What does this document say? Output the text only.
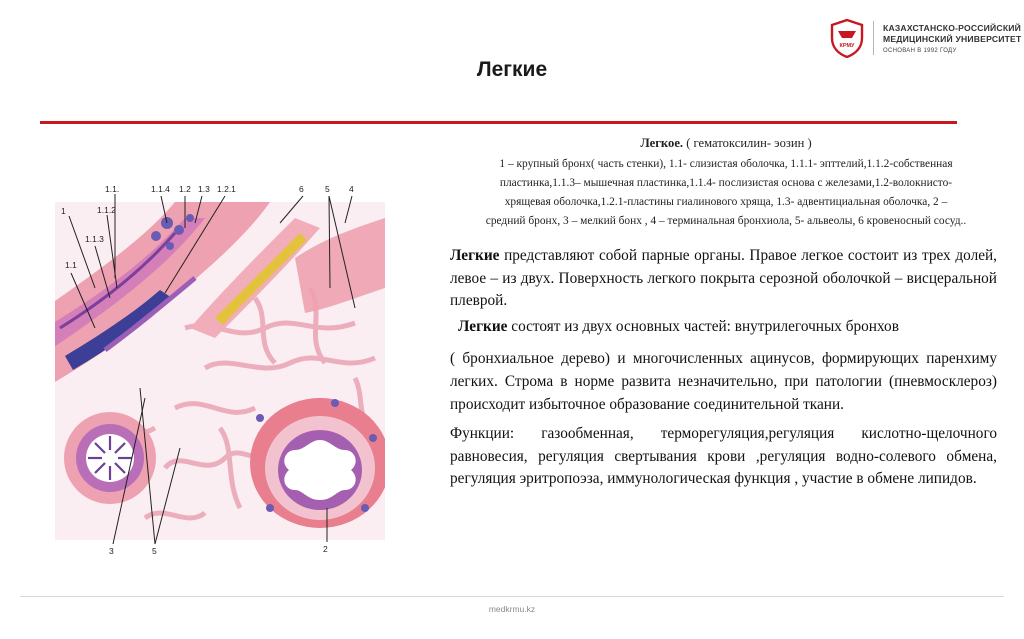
КРМУ
КАЗАХСТАНСКО-РОССИЙСКИЙ
МЕДИЦИНСКИЙ УНИВЕРСИТЕТ
ОСНОВАН В 1992 ГОДУ
Легкие
1
1.1.
1.1.2
1.1.3
1.1
1.1.4 1.2 1.3 1.2.1	6	5 4
3	5	2
Легкое. ( гематоксилин- эозин )
1 – крупный бронх( часть стенки), 1.1- слизистая оболочка, 1.1.1- эпттелий,1.1.2-собственная
пластинка,1.1.3– мышечная пластинка,1.1.4- послизистая основа с железами,1.2-волокнисто-
хрящевая оболочка,1.2.1-пластины гиалинового хряща, 1.3- адвентициальная оболочка, 2 –
средний бронх, 3 – мелкий бонх , 4 – терминальная бронхиола, 5- альвеолы, 6 кровеносный сосуд..

Легкие представляют собой парные органы. Правое легкое состоит из трех долей, левое – из двух. Поверхность легкого покрыта серозной оболочкой – висцеральной плеврой.

Легкие состоят из двух основных частей: внутрилегочных бронхов

( бронхиальное дерево) и многочисленных ацинусов, формирующих паренхиму легких. Строма в норме развита незначительно, при патологии (пневмосклероз) происходит избыточное образование соединительной ткани.

Функции: газообменная, терморегуляция,регуляция кислотно-щелочного равновесия, регуляция свертывания крови ,регуляция водно-солевого обмена, регуляция эритропоэза, иммунологическая функция , участие в обмене липидов.

medkrmu.kz
